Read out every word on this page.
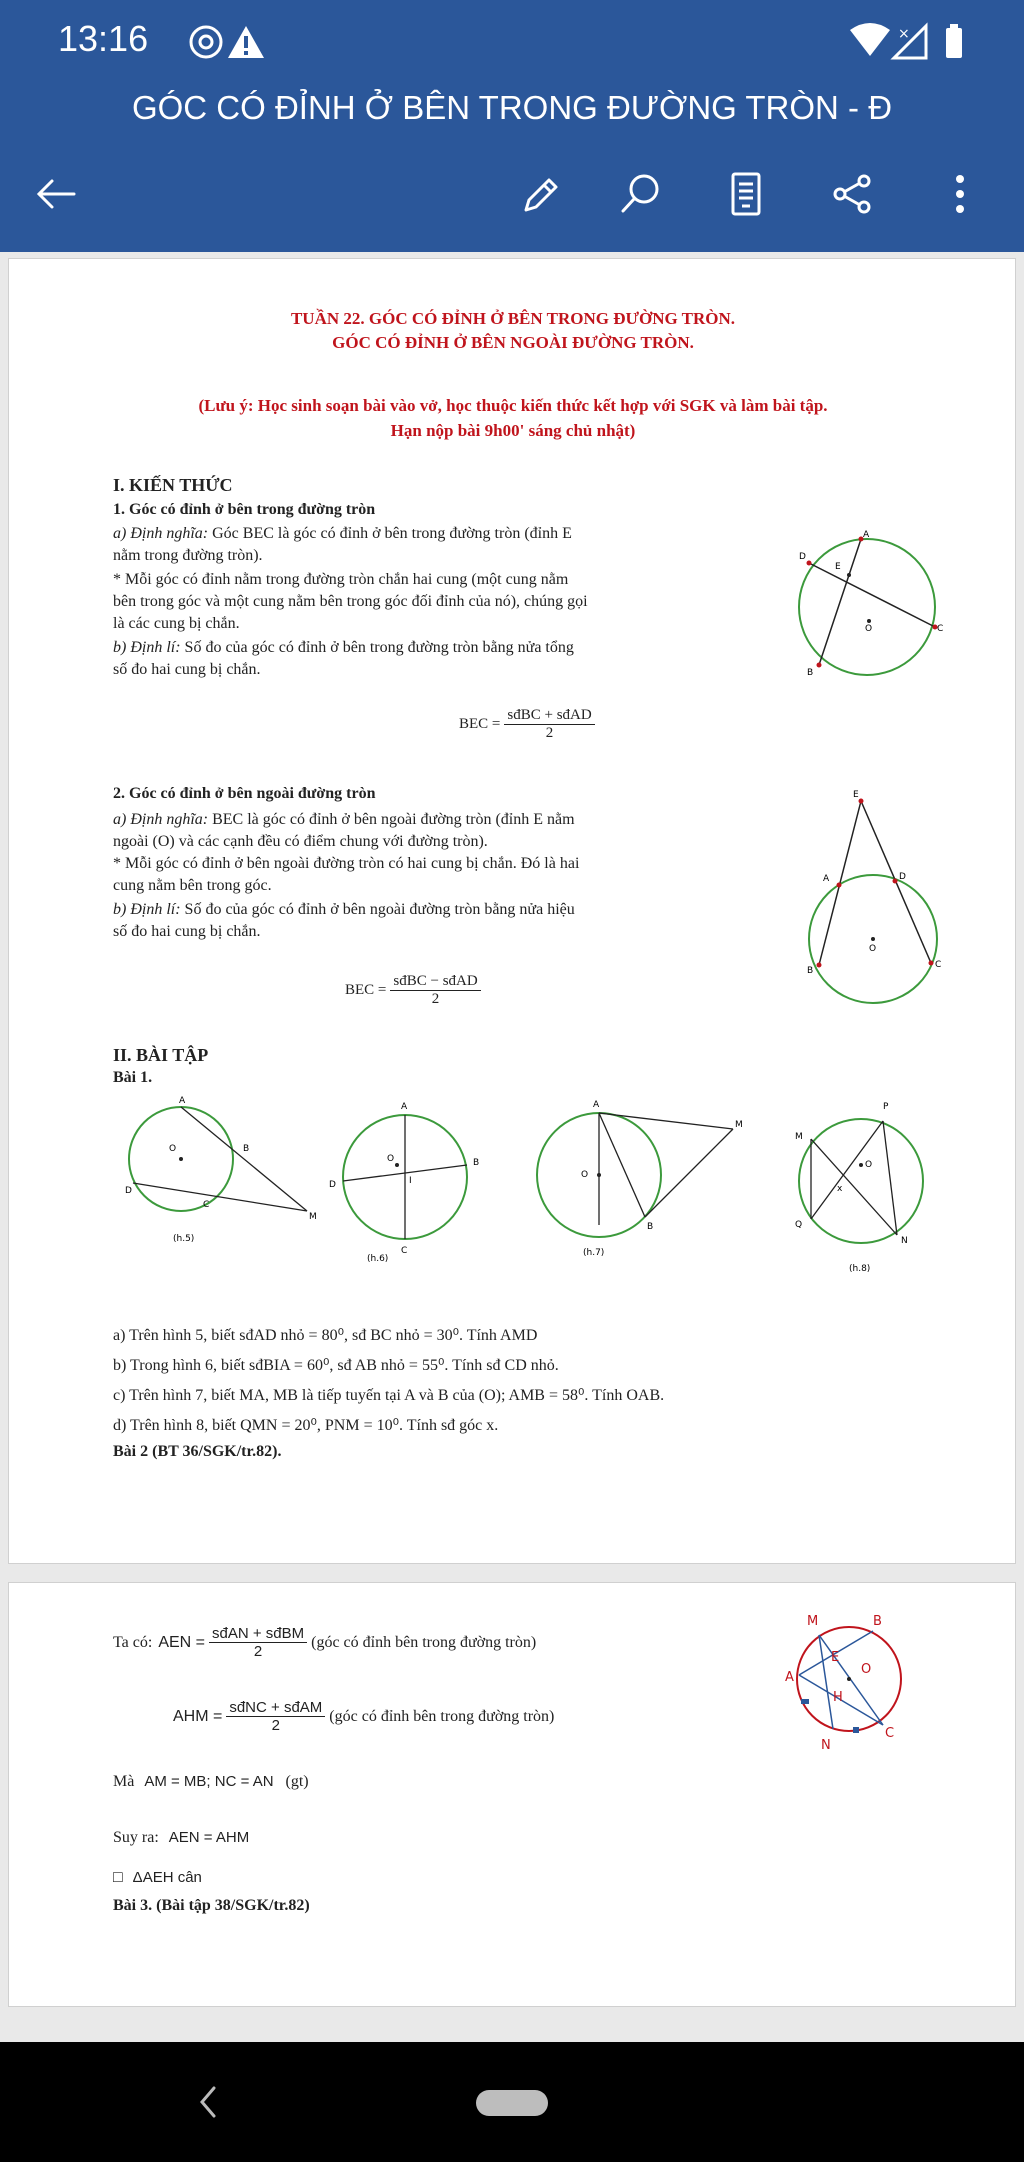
13:16	×
GÓC CÓ ĐỈNH Ở BÊN TRONG ĐƯỜNG TRÒN - Đ
TUẦN 22. GÓC CÓ ĐỈNH Ở BÊN TRONG ĐƯỜNG TRÒN.
GÓC CÓ ĐỈNH Ở BÊN NGOÀI ĐƯỜNG TRÒN.
(Lưu ý: Học sinh soạn bài vào vở, học thuộc kiến thức kết hợp với SGK và làm bài tập.
Hạn nộp bài 9h00' sáng chủ nhật)
I. KIẾN THỨC
1. Góc có đỉnh ở bên trong đường tròn
a) Định nghĩa: Góc BEC là góc có đỉnh ở bên trong đường tròn (đỉnh E
nằm trong đường tròn).
* Mỗi góc có đỉnh nằm trong đường tròn chắn hai cung (một cung nằm
bên trong góc và một cung nằm bên trong góc đối đỉnh của nó), chúng gọi
là các cung bị chắn.
b) Định lí: Số đo của góc có đỉnh ở bên trong đường tròn bằng nửa tổng
số đo hai cung bị chắn.
BEC = $\frac{\text{sđBC + sđAD}}{2}$
A
D
E
O	C
B
2. Góc có đỉnh ở bên ngoài đường tròn
a) Định nghĩa: BEC là góc có đỉnh ở bên ngoài đường tròn (đỉnh E nằm
ngoài (O) và các cạnh đều có điểm chung với đường tròn).
* Mỗi góc có đỉnh ở bên ngoài đường tròn có hai cung bị chắn. Đó là hai
cung nằm bên trong góc.
b) Định lí: Số đo của góc có đỉnh ở bên ngoài đường tròn bằng nửa hiệu
số đo hai cung bị chắn.
BEC = $\frac{\text{sđBC − sđAD}}{2}$
E
A	D
O
C
B
II. BÀI TẬP
Bài 1.
A
O	B
D
C
M
(h.5)
A
O	B
I
D
C
(h.6)
A
O
B
M
(h.7)
P
M
O
x
Q
N
(h.8)
a) Trên hình 5, biết sđAD nhỏ = 80⁰, sđ BC nhỏ = 30⁰. Tính AMD
b) Trong hình 6, biết sđBIA = 60⁰, sđ AB nhỏ = 55⁰. Tính sđ CD nhỏ.
c) Trên hình 7, biết MA, MB là tiếp tuyến tại A và B của (O); AMB = 58⁰. Tính OAB.
d) Trên hình 8, biết QMN = 20⁰, PNM = 10⁰. Tính sđ góc x.
Bài 2 (BT 36/SGK/tr.82).
Ta có: AEN = $\frac{\text{sđAN + sđBM}}{2}$ (góc có đỉnh bên trong đường tròn)
AHM = $\frac{\text{sđNC + sđAM}}{2}$ (góc có đỉnh bên trong đường tròn)
Mà AM = MB; NC = AN (gt)
Suy ra: AEN = AHM
□ ΔAEH cân
Bài 3. (Bài tập 38/SGK/tr.82)
M	B
E
O
A
H
N
C
